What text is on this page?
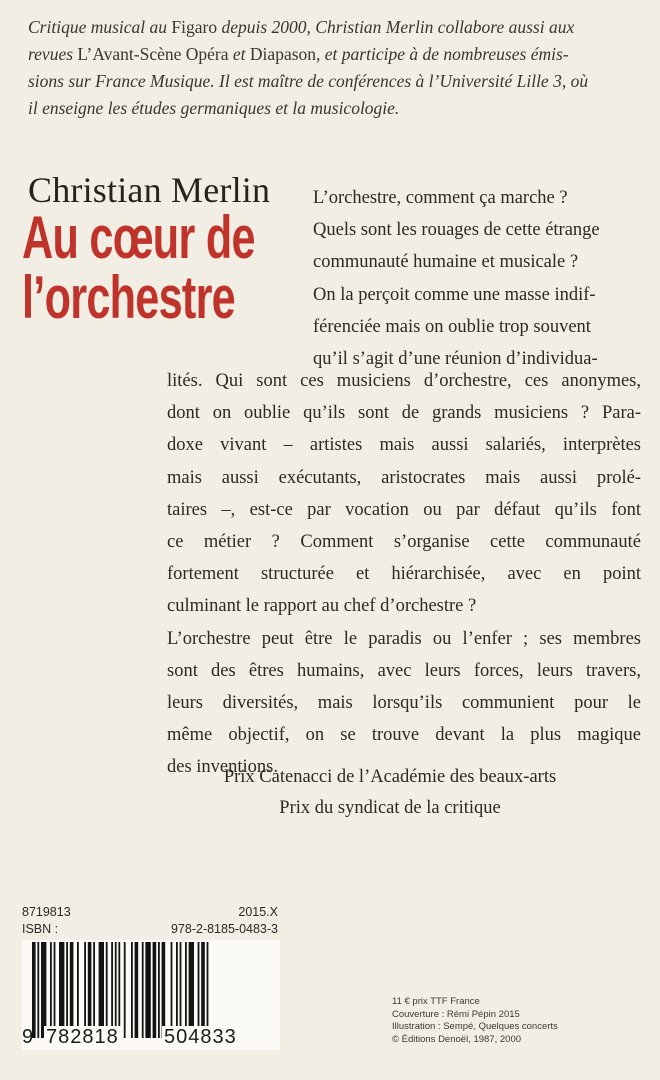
Critique musical au Figaro depuis 2000, Christian Merlin collabore aussi aux
revues L’Avant-Scène Opéra et Diapason, et participe à de nombreuses émis-
sions sur France Musique. Il est maître de conférences à l’Université Lille 3, où
il enseigne les études germaniques et la musicologie.
Christian Merlin
Au cœur de
l’orchestre
L’orchestre, comment ça marche ?
Quels sont les rouages de cette étrange
communauté humaine et musicale ?
On la perçoit comme une masse indif-
férenciée mais on oublie trop souvent
qu’il s’agit d’une réunion d’individua-
lités. Qui sont ces musiciens d’orchestre, ces anonymes,
dont on oublie qu’ils sont de grands musiciens ? Para-
doxe vivant – artistes mais aussi salariés, interprètes
mais aussi exécutants, aristocrates mais aussi prolé-
taires –, est-ce par vocation ou par défaut qu’ils font
ce métier ? Comment s’organise cette communauté
fortement structurée et hiérarchisée, avec en point
culminant le rapport au chef d’orchestre ?
L’orchestre peut être le paradis ou l’enfer ; ses membres
sont des êtres humains, avec leurs forces, leurs travers,
leurs diversités, mais lorsqu’ils communient pour le
même objectif, on se trouve devant la plus magique
des inventions.
Prix Catenacci de l’Académie des beaux-arts
Prix du syndicat de la critique
8719813	2015.X
ISBN :	978-2-8185-0483-3
9 782818 504833
11 € prix TTF France
Couverture : Rémi Pépin 2015
Illustration : Sempé, Quelques concerts
© Éditions Denoël, 1987, 2000
